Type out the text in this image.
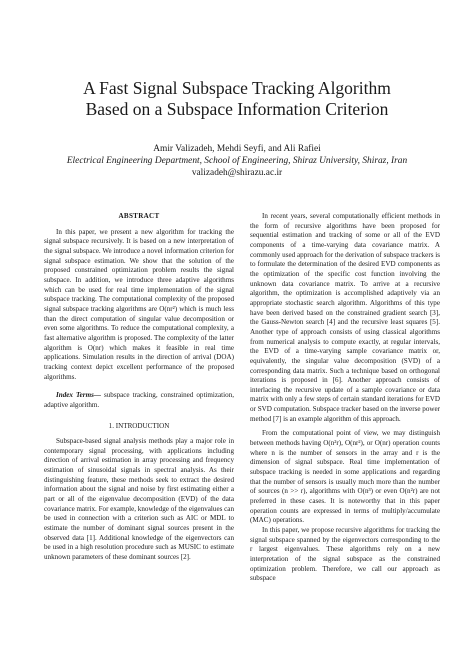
A Fast Signal Subspace Tracking Algorithm
Based on a Subspace Information Criterion
Amir Valizadeh, Mehdi Seyfi, and Ali Rafiei
Electrical Engineering Department, School of Engineering, Shiraz University, Shiraz, Iran
valizadeh@shirazu.ac.ir
ABSTRACT

In this paper, we present a new algorithm for tracking the signal subspace recursively. It is based on a new interpretation of the signal subspace. We introduce a novel information criterion for signal subspace estimation. We show that the solution of the proposed constrained optimization problem results the signal subspace. In addition, we introduce three adaptive algorithms which can be used for real time implementation of the signal subspace tracking. The computational complexity of the proposed signal subspace tracking algorithms are O(nr²) which is much less than the direct computation of singular value decomposition or even some algorithms. To reduce the computational complexity, a fast alternative algorithm is proposed. The complexity of the latter algorithm is O(nr) which makes it feasible in real time applications. Simulation results in the direction of arrival (DOA) tracking context depict excellent performance of the proposed algorithms.

Index Terms— subspace tracking, constrained optimization, adaptive algorithm.

1. INTRODUCTION

Subspace-based signal analysis methods play a major role in contemporary signal processing, with applications including direction of arrival estimation in array processing and frequency estimation of sinusoidal signals in spectral analysis. As their distinguishing feature, these methods seek to extract the desired information about the signal and noise by first estimating either a part or all of the eigenvalue decomposition (EVD) of the data covariance matrix. For example, knowledge of the eigenvalues can be used in connection with a criterion such as AIC or MDL to estimate the number of dominant signal sources present in the observed data [1]. Additional knowledge of the eigenvectors can be used in a high resolution procedure such as MUSIC to estimate unknown parameters of these dominant sources [2].

In recent years, several computationally efficient methods in the form of recursive algorithms have been proposed for sequential estimation and tracking of some or all of the EVD components of a time-varying data covariance matrix. A commonly used approach for the derivation of subspace trackers is to formulate the determination of the desired EVD components as the optimization of the specific cost function involving the unknown data covariance matrix. To arrive at a recursive algorithm, the optimization is accomplished adaptively via an appropriate stochastic search algorithm. Algorithms of this type have been derived based on the constrained gradient search [3], the Gauss-Newton search [4] and the recursive least squares [5]. Another type of approach consists of using classical algorithms from numerical analysis to compute exactly, at regular intervals, the EVD of a time-varying sample covariance matrix or, equivalently, the singular value decomposition (SVD) of a corresponding data matrix. Such a technique based on orthogonal iterations is proposed in [6]. Another approach consists of interlacing the recursive update of a sample covariance or data matrix with only a few steps of certain standard iterations for EVD or SVD computation. Subspace tracker based on the inverse power method [7] is an example algorithm of this approach.

From the computational point of view, we may distinguish between methods having O(n²r), O(nr²), or O(nr) operation counts where n is the number of sensors in the array and r is the dimension of signal subspace. Real time implementation of subspace tracking is needed in some applications and regarding that the number of sensors is usually much more than the number of sources (n >> r), algorithms with O(n³) or even O(n²r) are not preferred in these cases. It is noteworthy that in this paper operation counts are expressed in terms of multiply/accumulate (MAC) operations.

In this paper, we propose recursive algorithms for tracking the signal subspace spanned by the eigenvectors corresponding to the r largest eigenvalues. These algorithms rely on a new interpretation of the signal subspace as the constrained optimization problem. Therefore, we call our approach as subspace
